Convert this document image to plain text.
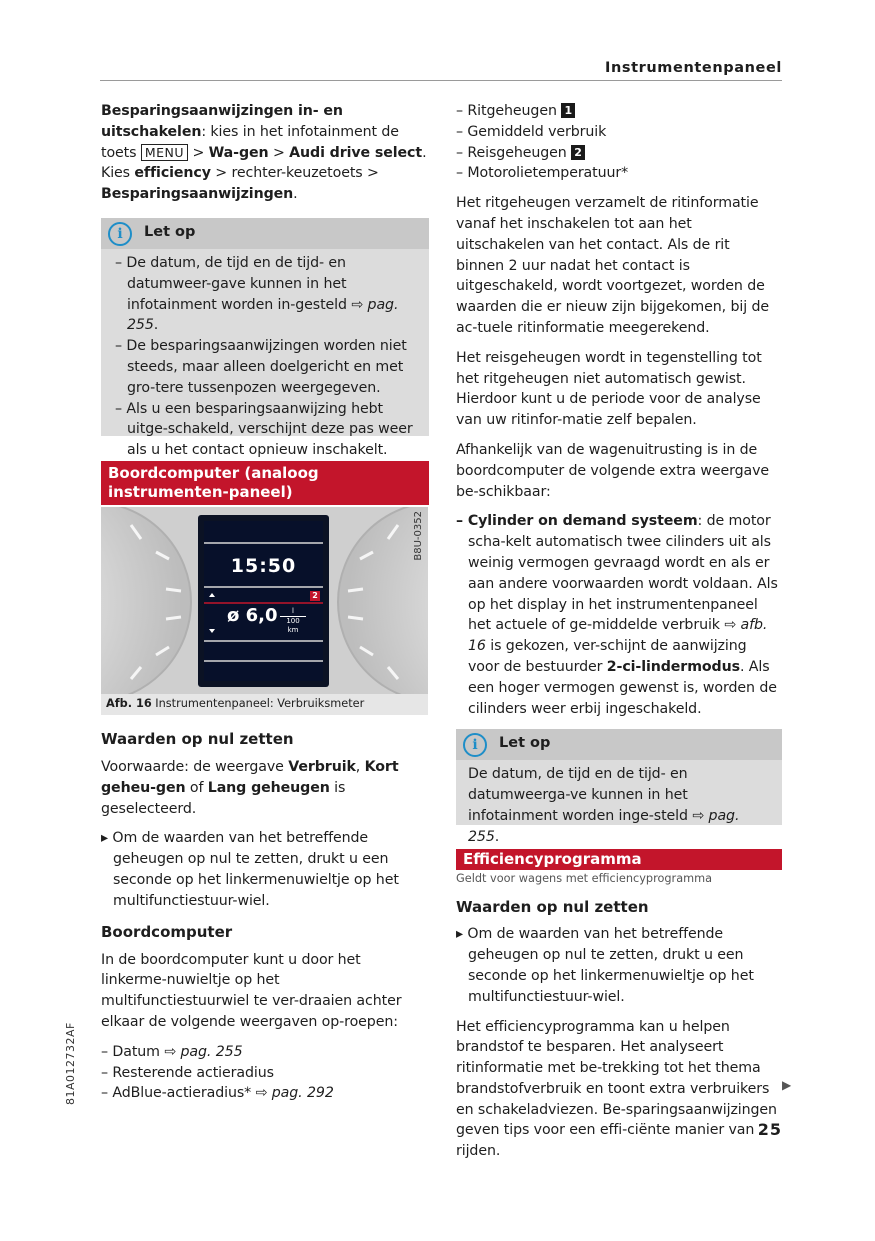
Instrumentenpaneel

Besparingsaanwijzingen in- en uitschakelen: kies in het infotainment de toets MENU > Wa-gen > Audi drive select. Kies efficiency > rechter-keuzetoets > Besparingsaanwijzingen.

i	Let op

– De datum, de tijd en de tijd- en datumweer-gave kunnen in het infotainment worden in-gesteld ⇨ pag. 255.

– De besparingsaanwijzingen worden niet steeds, maar alleen doelgericht en met gro-tere tussenpozen weergegeven.

– Als u een besparingsaanwijzing hebt uitge-schakeld, verschijnt deze pas weer als u het contact opnieuw inschakelt.

Boordcomputer (analoog instrumenten-paneel)
15:50
2
ø 6,0	l
100 km
B8U-0352
Afb. 16 Instrumentenpaneel: Verbruiksmeter
Waarden op nul zetten

Voorwaarde: de weergave Verbruik, Kort geheu-gen of Lang geheugen is geselecteerd.

▸ Om de waarden van het betreffende geheugen op nul te zetten, drukt u een seconde op het linkermenuwieltje op het multifunctiestuur-wiel.

Boordcomputer

In de boordcomputer kunt u door het linkerme-nuwieltje op het multifunctiestuurwiel te ver-draaien achter elkaar de volgende weergaven op-roepen:

– Datum ⇨ pag. 255

– Resterende actieradius

– AdBlue-actieradius* ⇨ pag. 292

– Ritgeheugen 1

– Gemiddeld verbruik

– Reisgeheugen 2

– Motorolietemperatuur*

Het ritgeheugen verzamelt de ritinformatie vanaf het inschakelen tot aan het uitschakelen van het contact. Als de rit binnen 2 uur nadat het contact is uitgeschakeld, wordt voortgezet, worden de waarden die er nieuw zijn bijgekomen, bij de ac-tuele ritinformatie meegerekend.

Het reisgeheugen wordt in tegenstelling tot het ritgeheugen niet automatisch gewist. Hierdoor kunt u de periode voor de analyse van uw ritinfor-matie zelf bepalen.

Afhankelijk van de wagenuitrusting is in de boordcomputer de volgende extra weergave be-schikbaar:

– Cylinder on demand systeem: de motor scha-kelt automatisch twee cilinders uit als weinig vermogen gevraagd wordt en als er aan andere voorwaarden wordt voldaan. Als op het display in het instrumentenpaneel het actuele of ge-middelde verbruik ⇨ afb. 16 is gekozen, ver-schijnt de aanwijzing voor de bestuurder 2-ci-lindermodus. Als een hoger vermogen gewenst is, worden de cilinders weer erbij ingeschakeld.

i	Let op

De datum, de tijd en de tijd- en datumweerga-ve kunnen in het infotainment worden inge-steld ⇨ pag. 255.

Efficiencyprogramma
Geldt voor wagens met efficiencyprogramma
Waarden op nul zetten

▸ Om de waarden van het betreffende geheugen op nul te zetten, drukt u een seconde op het linkermenuwieltje op het multifunctiestuur-wiel.

Het efficiencyprogramma kan u helpen brandstof te besparen. Het analyseert ritinformatie met be-trekking tot het thema brandstofverbruik en toont extra verbruikers en schakeladviezen. Be-sparingsaanwijzingen geven tips voor een effi-ciënte manier van rijden.

▶
25
81A012732AF
